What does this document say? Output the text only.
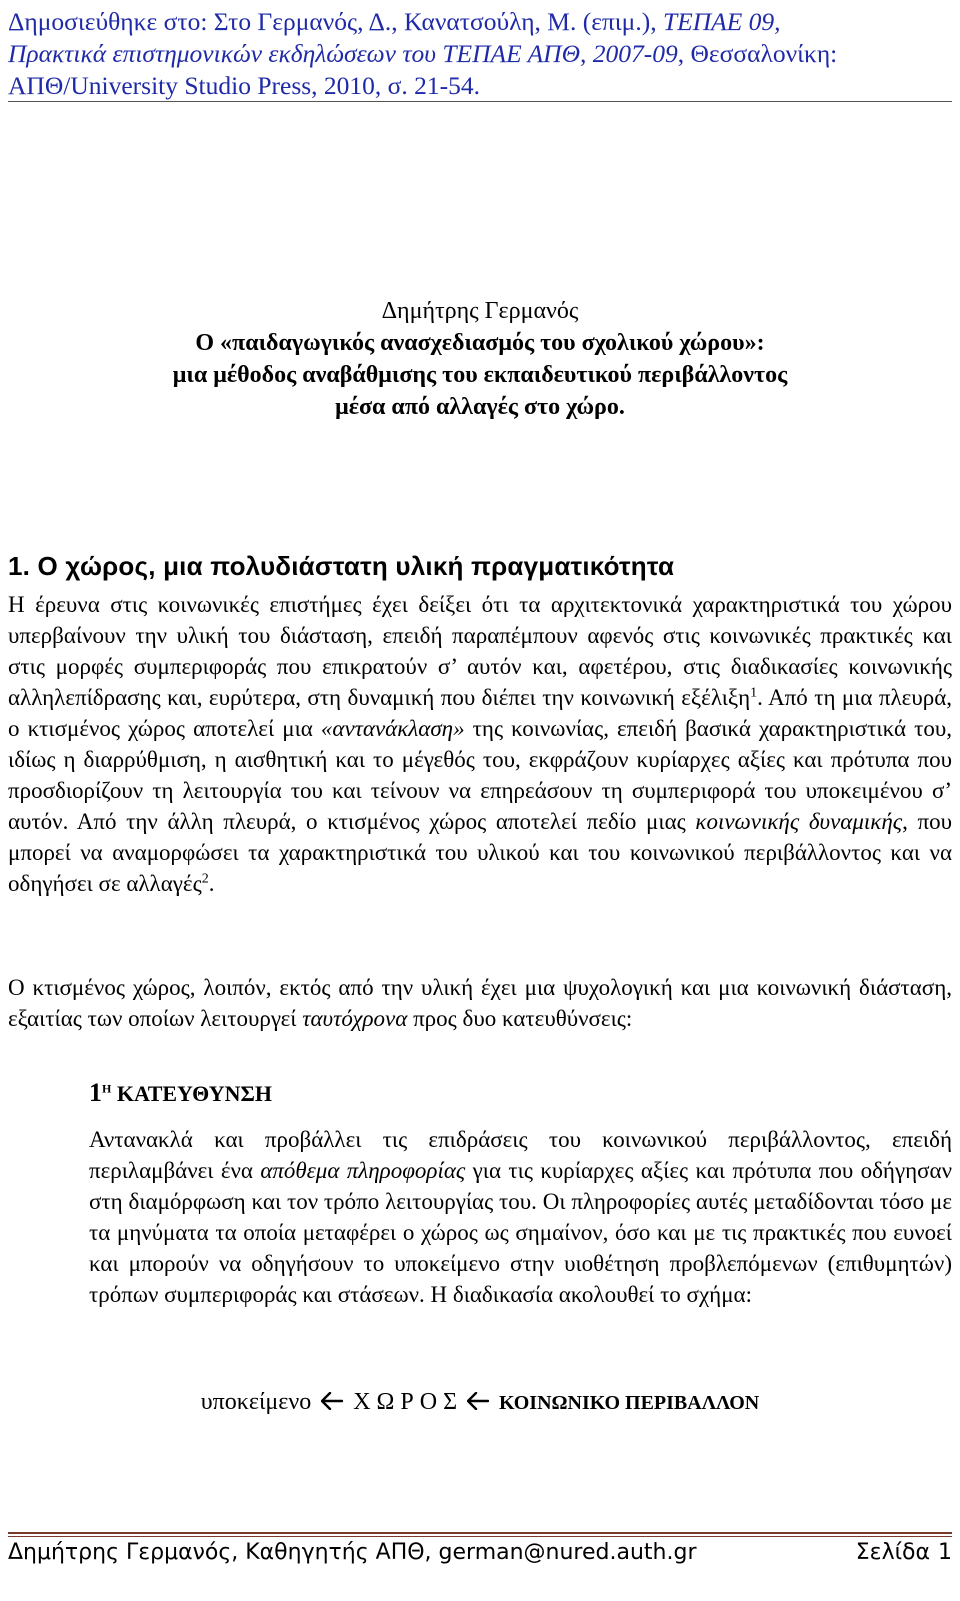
Δημοσιεύθηκε στο: Στο Γερμανός, Δ., Κανατσούλη, Μ. (επιμ.), ΤΕΠΑΕ 09,
Πρακτικά επιστημονικών εκδηλώσεων του ΤΕΠΑΕ ΑΠΘ, 2007-09, Θεσσαλονίκη:
ΑΠΘ/University Studio Press, 2010, σ. 21-54.
Δημήτρης Γερμανός
Ο «παιδαγωγικός ανασχεδιασμός του σχολικού χώρου»:
μια μέθοδος αναβάθμισης του εκπαιδευτικού περιβάλλοντος
μέσα από αλλαγές στο χώρο.
1. Ο χώρος, μια πολυδιάστατη υλική πραγματικότητα

Η έρευνα στις κοινωνικές επιστήμες έχει δείξει ότι τα αρχιτεκτονικά χαρακτηριστικά του χώρου υπερβαίνουν την υλική του διάσταση, επειδή παραπέμπουν αφενός στις κοινωνικές πρακτικές και στις μορφές συμπεριφοράς που επικρατούν σ’ αυτόν και, αφετέρου, στις διαδικασίες κοινωνικής αλληλεπίδρασης και, ευρύτερα, στη δυναμική που διέπει την κοινωνική εξέλιξη$^1$. Από τη μια πλευρά, ο κτισμένος χώρος αποτελεί μια «αντανάκλαση» της κοινωνίας, επειδή βασικά χαρακτηριστικά του, ιδίως η διαρρύθμιση, η αισθητική και το μέγεθός του, εκφράζουν κυρίαρχες αξίες και πρότυπα που προσδιορίζουν τη λειτουργία του και τείνουν να επηρεάσουν τη συμπεριφορά του υποκειμένου σ’ αυτόν. Από την άλλη πλευρά, ο κτισμένος χώρος αποτελεί πεδίο μιας κοινωνικής δυναμικής, που μπορεί να αναμορφώσει τα χαρακτηριστικά του υλικού και του κοινωνικού περιβάλλοντος και να οδηγήσει σε αλλαγές$^2$.

Ο κτισμένος χώρος, λοιπόν, εκτός από την υλική έχει μια ψυχολογική και μια κοινωνική διάσταση, εξαιτίας των οποίων λειτουργεί ταυτόχρονα προς δυο κατευθύνσεις:

$1^H$ ΚΑΤΕΥΘΥΝΣΗ

Αντανακλά και προβάλλει τις επιδράσεις του κοινωνικού περιβάλλοντος, επειδή περιλαμβάνει ένα απόθεμα πληροφορίας για τις κυρίαρχες αξίες και πρότυπα που οδήγησαν στη διαμόρφωση και τον τρόπο λειτουργίας του. Οι πληροφορίες αυτές μεταδίδονται τόσο με τα μηνύματα τα οποία μεταφέρει ο χώρος ως σημαίνον, όσο και με τις πρακτικές που ευνοεί και μπορούν να οδηγήσουν το υποκείμενο στην υιοθέτηση προβλεπόμενων (επιθυμητών) τρόπων συμπεριφοράς και στάσεων. Η διαδικασία ακολουθεί το σχήμα:

υποκείμενο Χ Ω Ρ Ο Σ ΚΟΙΝΩΝΙΚΟ ΠΕΡΙΒΑΛΛΟΝ
Δημήτρης Γερμανός, Καθηγητής ΑΠΘ, german@nured.auth.gr	Σελίδα 1
